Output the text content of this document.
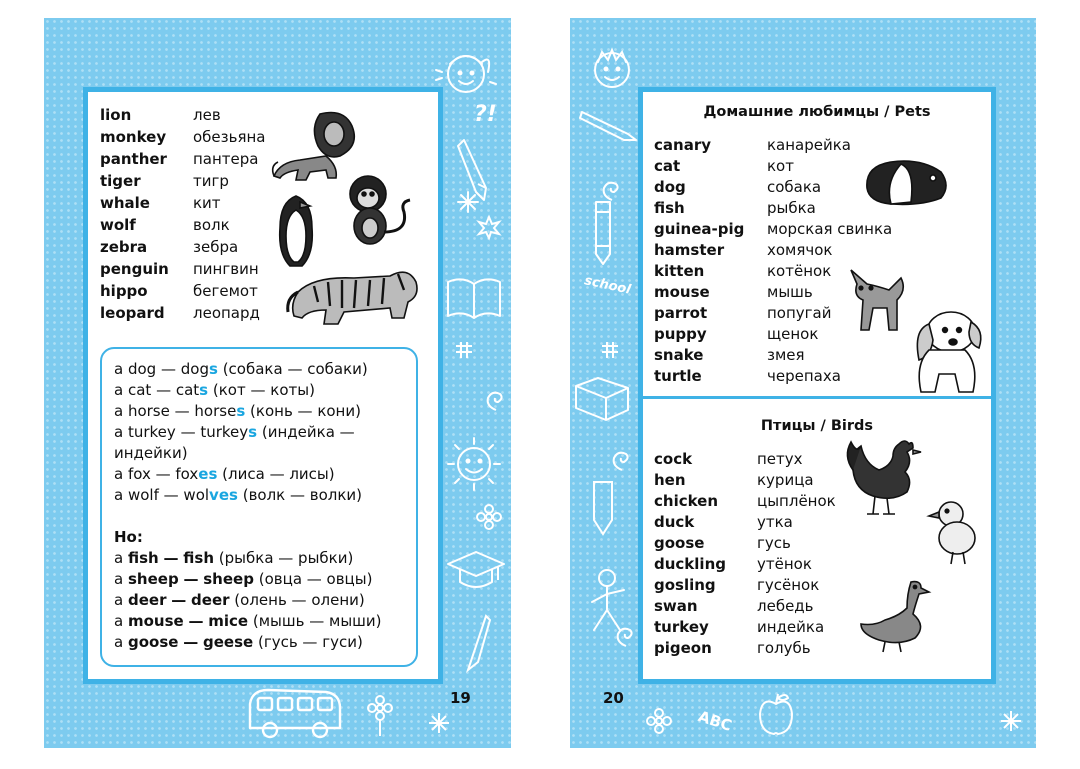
?!
lion	лев
monkey обезьяна
panther пантера
tiger	тигр
whale	кит
wolf	волк
zebra	зебра
penguin пингвин
hippo	бегемот
leopard леопард
a dog — dogs (собака — собаки)
a cat — cats (кот — коты)
a horse — horses (конь — кони)
a turkey — turkeys (индейка —
индейки)
a fox — foxes (лиса — лисы)
a wolf — wolves (волк — волки)
Но:
a fish — fish (рыбка — рыбки)
a sheep — sheep (овца — овцы)
a deer — deer (олень — олени)
a mouse — mice (мышь — мыши)
a goose — geese (гусь — гуси)
19
school
ABC
Домашние любимцы / Pets
canary	канарейка
cat	кот
dog	собака
fish	рыбка
guinea-pig морская свинка
hamster	хомячок
kitten	котёнок
mouse	мышь
parrot	попугай
puppy	щенок
snake	змея
turtle	черепаха
Птицы / Birds
cock	петух
hen	курица
chicken	цыплёнок
duck	утка
goose	гусь
duckling утёнок
gosling	гусёнок
swan	лебедь
turkey	индейка
pigeon	голубь
20
